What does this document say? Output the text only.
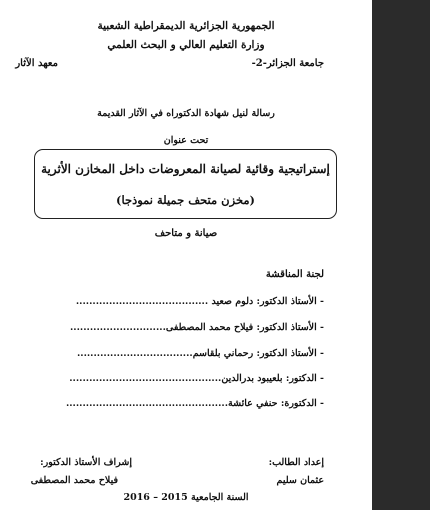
الجمهورية الجزائرية الديمقراطية الشعبية
وزارة التعليم العالي و البحث العلمي
جامعة الجزائر-2-
معهد الآثار
رسالة لنيل شهادة الدكتوراه في الآثار القديمة
تحت عنوان
إستراتيجية وقائية لصيانة المعروضات داخل المخازن الأثرية
(مخزن متحف جميلة نموذجا)
صيانة و متاحف
لجنة المناقشة
- الأستاذ الدكتور: دلوم صعيد ........................................
- الأستاذ الدكتور: فيلاح محمد المصطفى.............................
- الأستاذ الدكتور: رحماني بلقاسم...................................
- الدكتور: بلعيبود بدرالدين..............................................
- الدكتورة: حنفي عائشة.................................................
إعداد الطالب:
عثمان سليم
إشراف الأستاذ الدكتور:
فيلاح محمد المصطفى
السنة الجامعية 2015 – 2016
